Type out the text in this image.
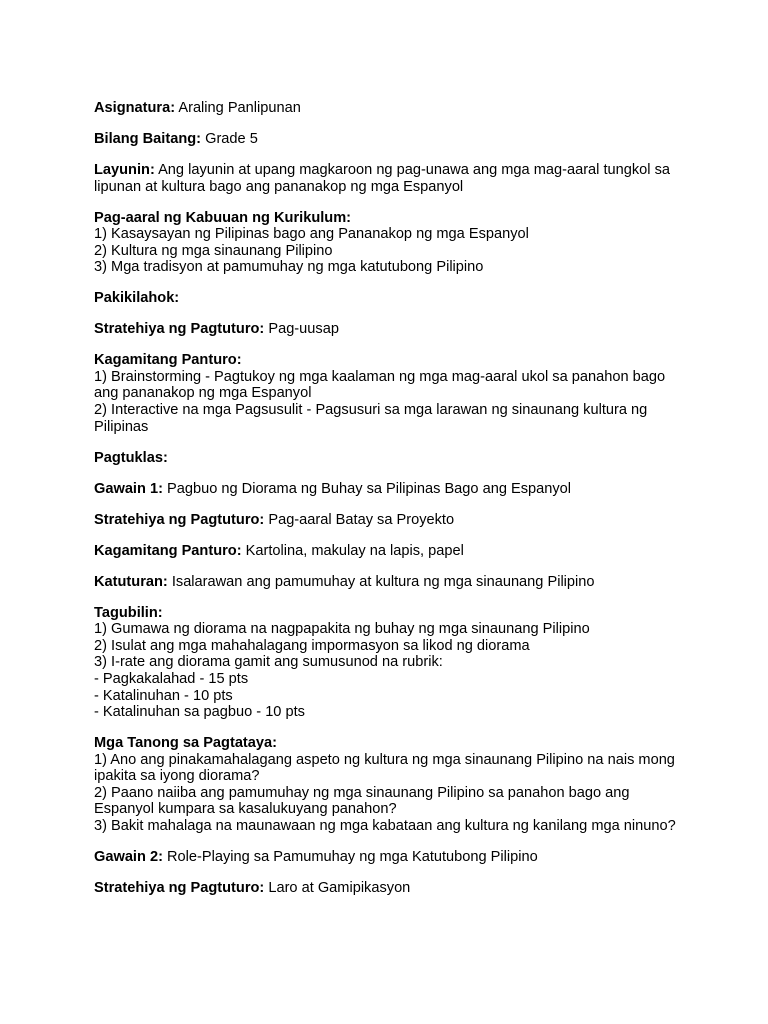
Asignatura: Araling Panlipunan

Bilang Baitang: Grade 5

Layunin: Ang layunin at upang magkaroon ng pag-unawa ang mga mag-aaral tungkol sa lipunan at kultura bago ang pananakop ng mga Espanyol

Pag-aaral ng Kabuuan ng Kurikulum:
1) Kasaysayan ng Pilipinas bago ang Pananakop ng mga Espanyol
2) Kultura ng mga sinaunang Pilipino
3) Mga tradisyon at pamumuhay ng mga katutubong Pilipino

Pakikilahok:

Stratehiya ng Pagtuturo: Pag-uusap

Kagamitang Panturo:
1) Brainstorming - Pagtukoy ng mga kaalaman ng mga mag-aaral ukol sa panahon bago ang pananakop ng mga Espanyol
2) Interactive na mga Pagsusulit - Pagsusuri sa mga larawan ng sinaunang kultura ng Pilipinas

Pagtuklas:

Gawain 1: Pagbuo ng Diorama ng Buhay sa Pilipinas Bago ang Espanyol

Stratehiya ng Pagtuturo: Pag-aaral Batay sa Proyekto

Kagamitang Panturo: Kartolina, makulay na lapis, papel

Katuturan: Isalarawan ang pamumuhay at kultura ng mga sinaunang Pilipino

Tagubilin:
1) Gumawa ng diorama na nagpapakita ng buhay ng mga sinaunang Pilipino
2) Isulat ang mga mahahalagang impormasyon sa likod ng diorama
3) I-rate ang diorama gamit ang sumusunod na rubrik:
- Pagkakalahad - 15 pts
- Katalinuhan - 10 pts
- Katalinuhan sa pagbuo - 10 pts
Mga Tanong sa Pagtataya:
1) Ano ang pinakamahalagang aspeto ng kultura ng mga sinaunang Pilipino na nais mong ipakita sa iyong diorama?
2) Paano naiiba ang pamumuhay ng mga sinaunang Pilipino sa panahon bago ang Espanyol kumpara sa kasalukuyang panahon?
3) Bakit mahalaga na maunawaan ng mga kabataan ang kultura ng kanilang mga ninuno?

Gawain 2: Role-Playing sa Pamumuhay ng mga Katutubong Pilipino

Stratehiya ng Pagtuturo: Laro at Gamipikasyon
